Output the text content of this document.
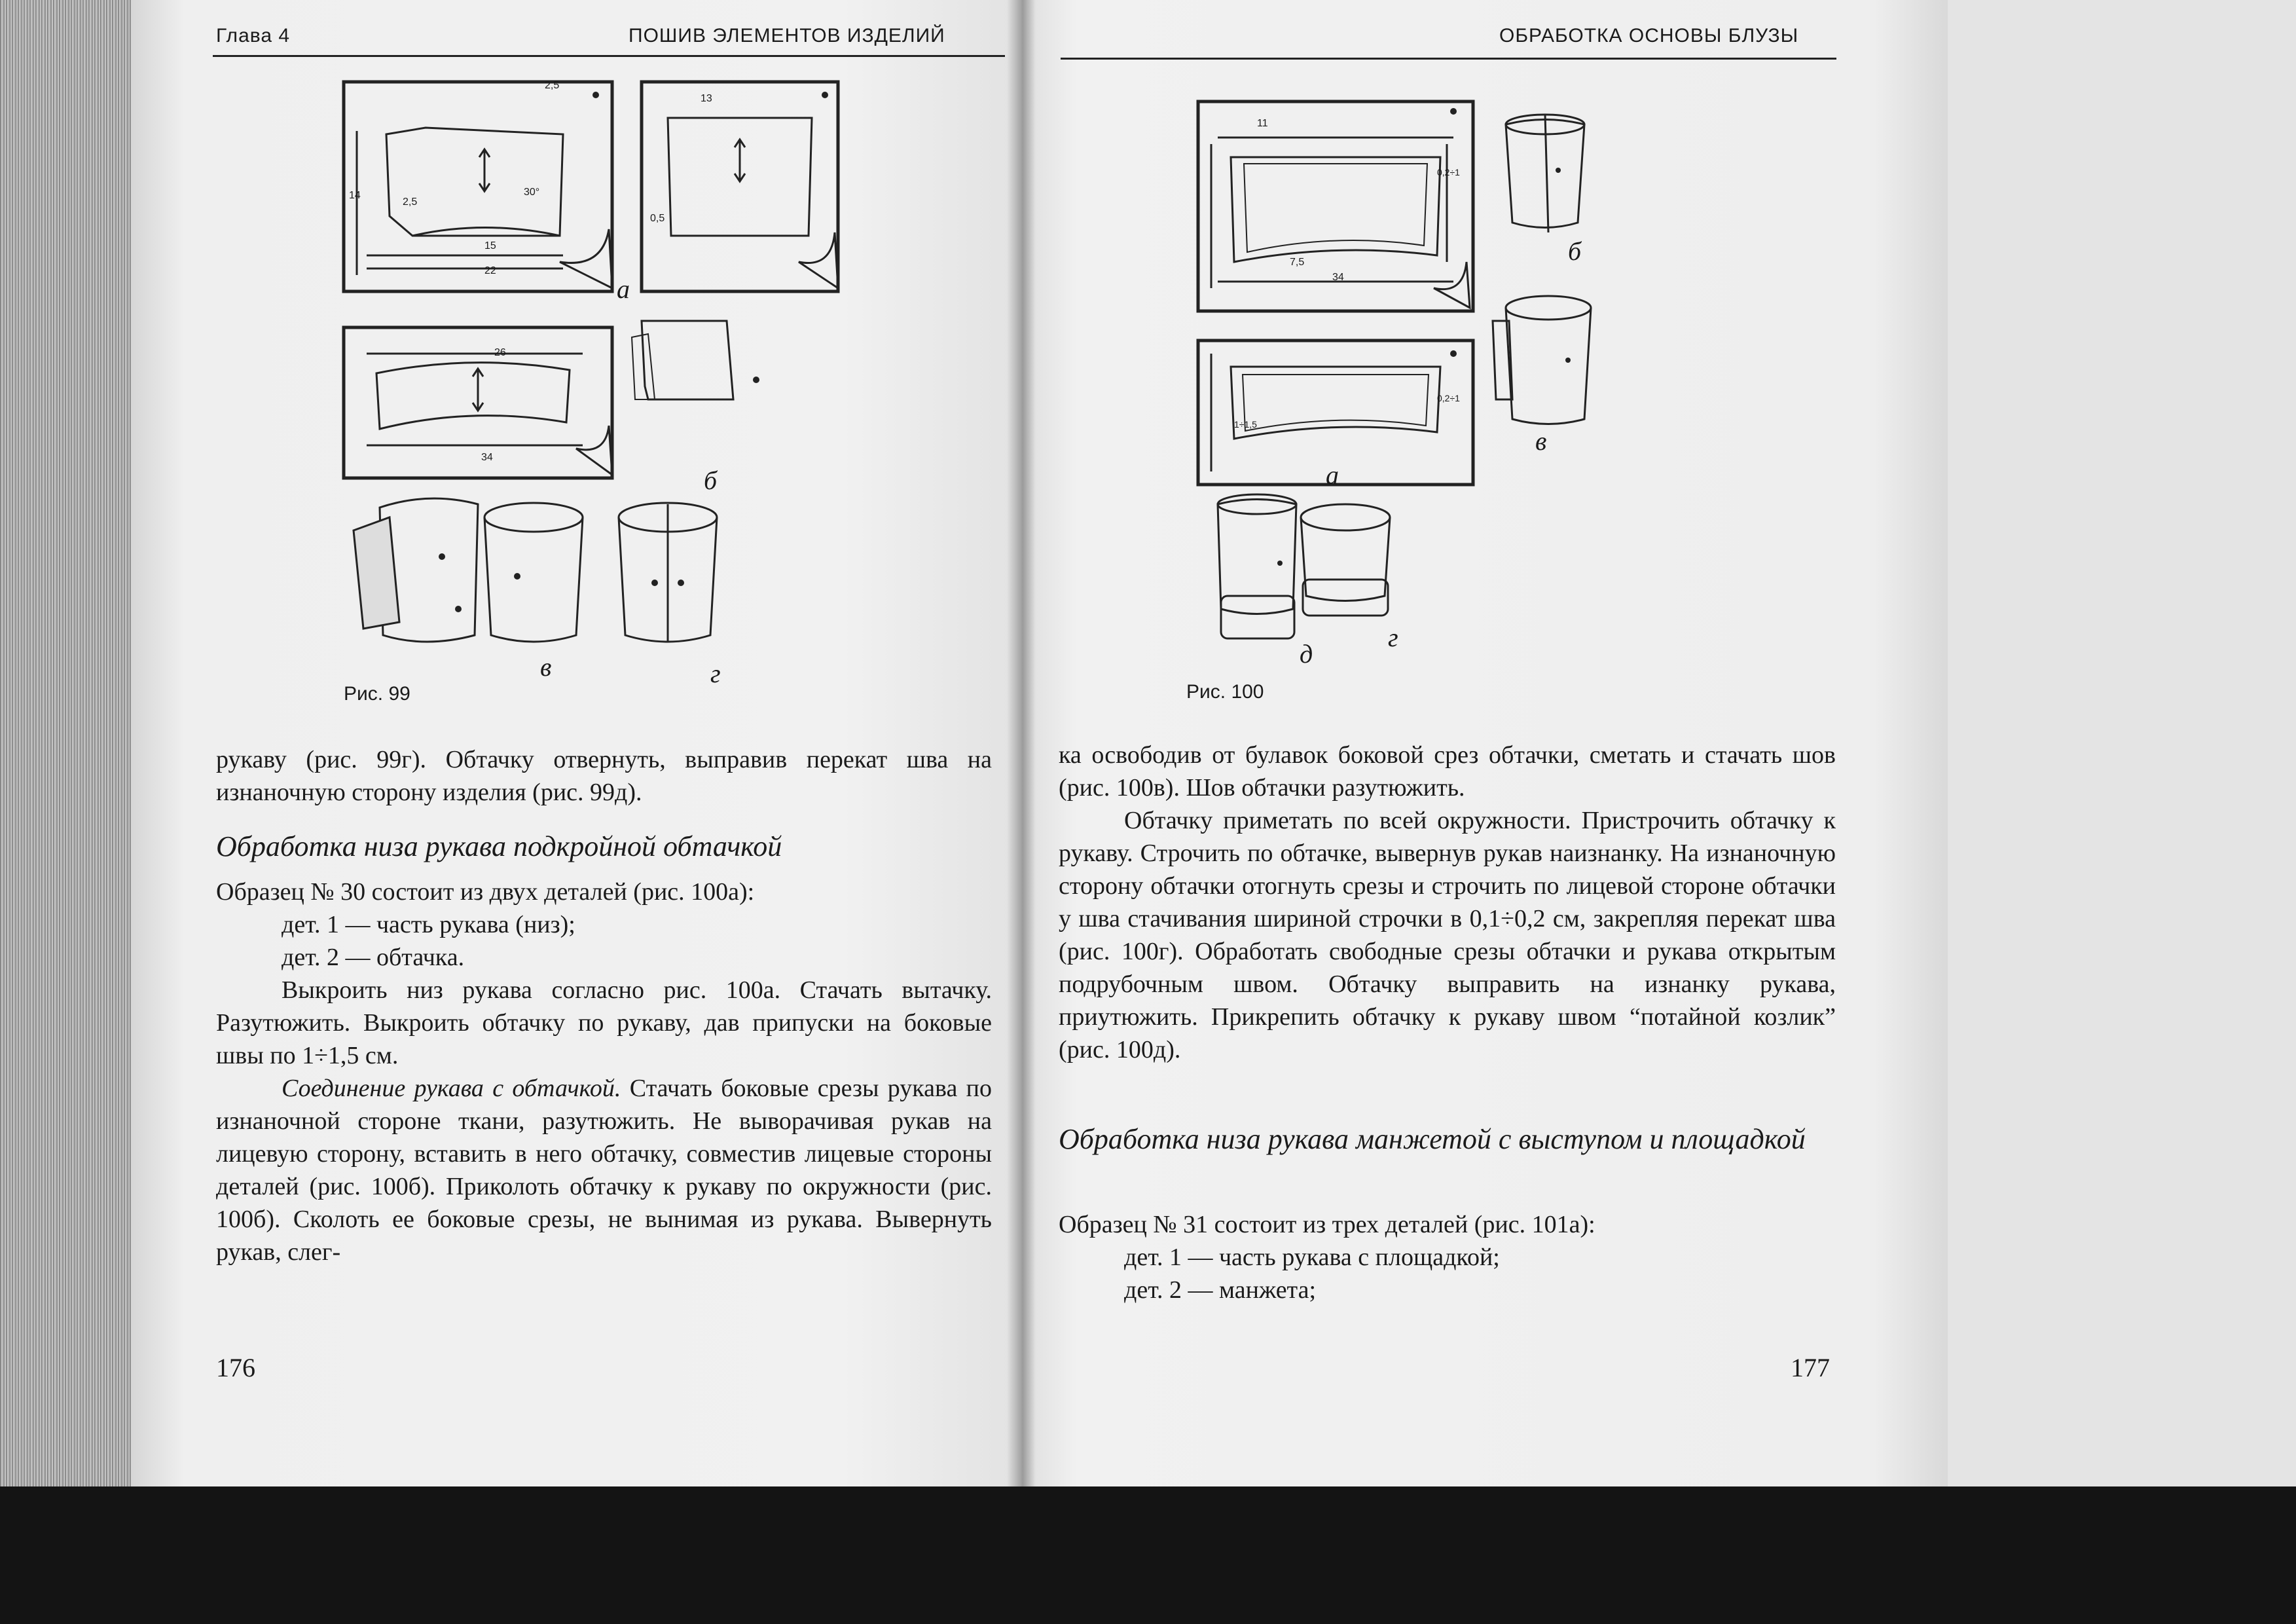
Глава 4	ПОШИВ ЭЛЕМЕНТОВ ИЗДЕЛИЙ
2,5
13
26
34
15
22
14
2,5
30°
0,5
а
б
в	г
Рис. 99
рукаву (рис. 99г). Обтачку отвернуть, выправив перекат шва на изнаночную сторону изделия (рис. 99д).
Обработка низа рукава подкройной обтачкой

Образец № 30 состоит из двух деталей (рис. 100а):

дет. 1 — часть рукава (низ);

дет. 2 — обтачка.

Выкроить низ рукава согласно рис. 100а. Стачать вытачку. Разутюжить. Выкроить обтачку по рукаву, дав припуски на боковые швы по 1÷1,5 см.

Соединение рукава с обтачкой. Стачать боковые срезы рукава по изнаночной стороне ткани, разутюжить. Не выворачивая рукав на лицевую сторону, вставить в него обтачку, совместив лицевые стороны деталей (рис. 100б). Приколоть обтачку к рукаву по окружности (рис. 100б). Сколоть ее боковые срезы, не вынимая из рукава. Вывернуть рукав, слег-

176
ОБРАБОТКА ОСНОВЫ БЛУЗЫ
11
7,5
34
0,2÷1
1÷1,5
0,2÷1
б
в
а
г
д
Рис. 100

ка освободив от булавок боковой срез обтачки, сметать и стачать шов (рис. 100в). Шов обтачки разутюжить.

Обтачку приметать по всей окружности. Пристрочить обтачку к рукаву. Строчить по обтачке, вывернув рукав наизнанку. На изнаночную сторону обтачки отогнуть срезы и строчить по лицевой стороне обтачки у шва стачивания шириной строчки в 0,1÷0,2 см, закрепляя перекат шва (рис. 100г). Обработать свободные срезы обтачки и рукава открытым подрубочным швом. Обтачку выправить на изнанку рукава, приутюжить. Прикрепить обтачку к рукаву швом “потайной козлик” (рис. 100д).

Обработка низа рукава манжетой с выступом и площадкой

Образец № 31 состоит из трех деталей (рис. 101а):

дет. 1 — часть рукава с площадкой;

дет. 2 — манжета;

177
